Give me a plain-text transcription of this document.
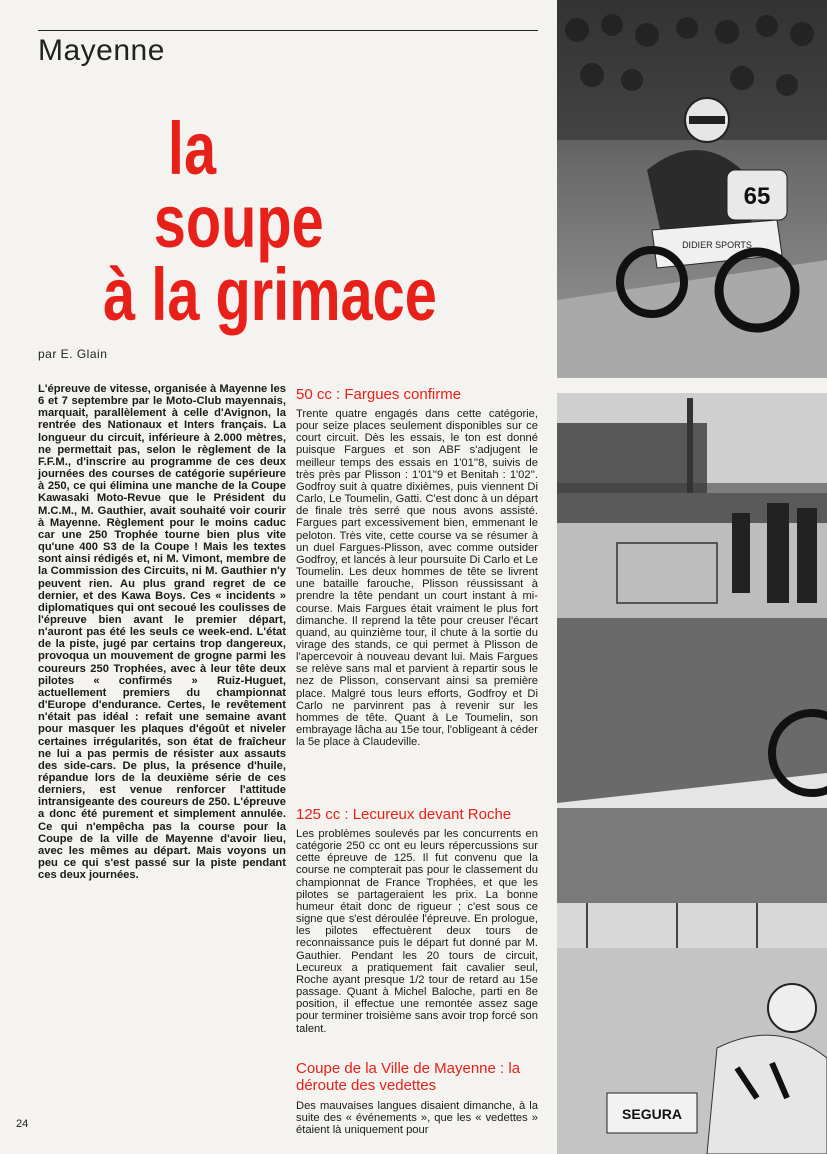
Mayenne
la
soupe
à la grimace
par E. Glain

L'épreuve de vitesse, organisée à Mayenne les 6 et 7 septembre par le Moto-Club mayennais, marquait, parallèlement à celle d'Avignon, la rentrée des Nationaux et Inters français. La longueur du circuit, inférieure à 2.000 mètres, ne permettait pas, selon le règlement de la F.F.M., d'inscrire au programme de ces deux journées des courses de catégorie supérieure à 250, ce qui élimina une manche de la Coupe Kawasaki Moto-Revue que le Président du M.C.M., M. Gauthier, avait souhaité voir courir à Mayenne. Règlement pour le moins caduc car une 250 Trophée tourne bien plus vite qu'une 400 S3 de la Coupe ! Mais les textes sont ainsi rédigés et, ni M. Vimont, membre de la Commission des Circuits, ni M. Gauthier n'y peuvent rien. Au plus grand regret de ce dernier, et des Kawa Boys. Ces « incidents » diplomatiques qui ont secoué les coulisses de l'épreuve bien avant le premier départ, n'auront pas été les seuls ce week-end. L'état de la piste, jugé par certains trop dangereux, provoqua un mouvement de grogne parmi les coureurs 250 Trophées, avec à leur tête deux pilotes « confirmés » Ruiz-Huguet, actuellement premiers du championnat d'Europe d'endurance. Certes, le revêtement n'était pas idéal : refait une semaine avant pour masquer les plaques d'égoût et niveler certaines irrégularités, son état de fraîcheur ne lui a pas permis de résister aux assauts des side-cars. De plus, la présence d'huile, répandue lors de la deuxième série de ces derniers, est venue renforcer l'attitude intransigeante des coureurs de 250. L'épreuve a donc été purement et simplement annulée. Ce qui n'empêcha pas la course pour la Coupe de la ville de Mayenne d'avoir lieu, avec les mêmes au départ. Mais voyons un peu ce qui s'est passé sur la piste pendant ces deux journées.

50 cc : Fargues confirme

Trente quatre engagés dans cette catégorie, pour seize places seulement disponibles sur ce court circuit. Dès les essais, le ton est donné puisque Fargues et son ABF s'adjugent le meilleur temps des essais en 1'01''8, suivis de très près par Plisson : 1'01''9 et Benitah : 1'02''. Godfroy suit à quatre dixièmes, puis viennent Di Carlo, Le Toumelin, Gatti. C'est donc à un départ de finale très serré que nous avons assisté. Fargues part excessivement bien, emmenant le peloton. Très vite, cette course va se résumer à un duel Fargues-Plisson, avec comme outsider Godfroy, et lancés à leur poursuite Di Carlo et Le Toumelin. Les deux hommes de tête se livrent une bataille farouche, Plisson réussissant à prendre la tête pendant un court instant à mi-course. Mais Fargues était vraiment le plus fort dimanche. Il reprend la tête pour creuser l'écart quand, au quinzième tour, il chute à la sortie du virage des stands, ce qui permet à Plisson de l'apercevoir à nouveau devant lui. Mais Fargues se relève sans mal et parvient à repartir sous le nez de Plisson, conservant ainsi sa première place. Malgré tous leurs efforts, Godfroy et Di Carlo ne parvinrent pas à revenir sur les hommes de tête. Quant à Le Toumelin, son embrayage lâcha au 15e tour, l'obligeant à céder la 5e place à Claudeville.

125 cc : Lecureux devant Roche

Les problèmes soulevés par les concurrents en catégorie 250 cc ont eu leurs répercussions sur cette épreuve de 125. Il fut convenu que la course ne compterait pas pour le classement du championnat de France Trophées, et que les pilotes se partageraient les prix. La bonne humeur était donc de rigueur ; c'est sous ce signe que s'est déroulée l'épreuve. En prologue, les pilotes effectuèrent deux tours de reconnaissance puis le départ fut donné par M. Gauthier. Pendant les 20 tours de circuit, Lecureux a pratiquement fait cavalier seul, Roche ayant presque 1/2 tour de retard au 15e passage. Quant à Michel Baloche, parti en 8e position, il effectue une remontée assez sage pour terminer troisième sans avoir trop forcé son talent.

Coupe de la Ville de Mayenne : la déroute des vedettes

Des mauvaises langues disaient dimanche, à la suite des « événements », que les « vedettes » étaient là uniquement pour

24
65
DIDIER SPORTS
SEGURA
